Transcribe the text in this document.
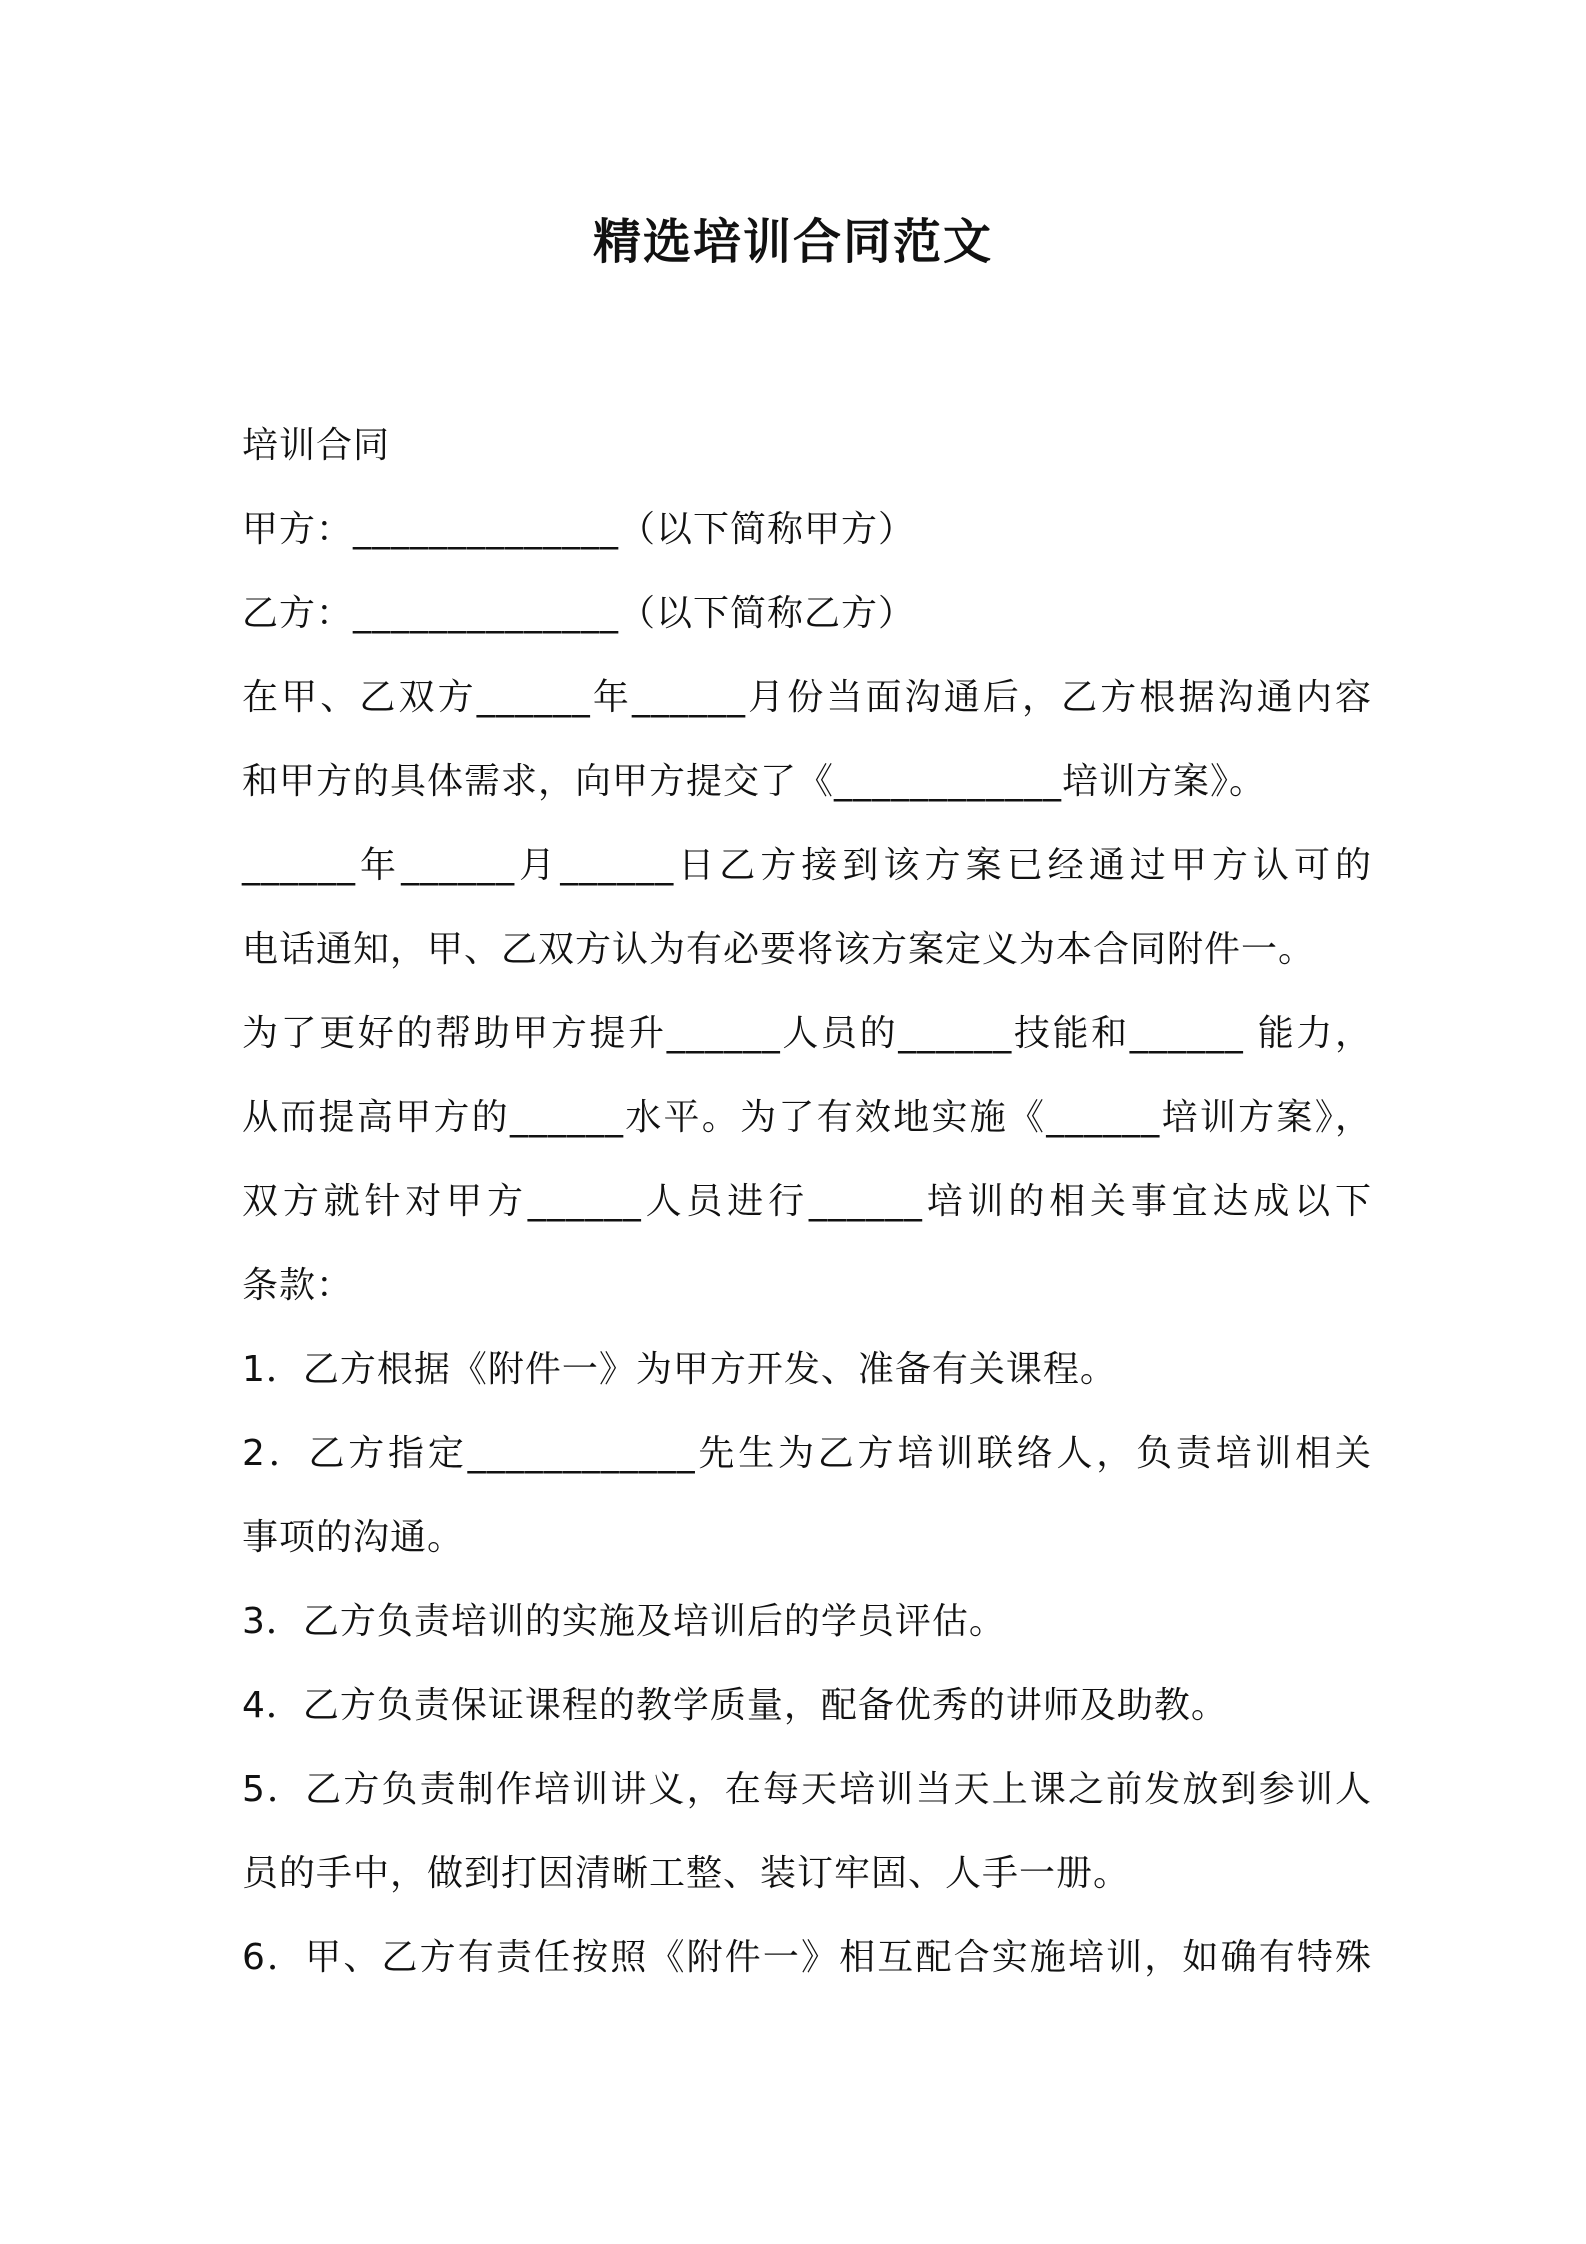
精选培训合同范文
培训合同
甲方：______________（以下简称甲方）
乙方：______________（以下简称乙方）
在甲、乙双方______年______月份当面沟通后，乙方根据沟通内容
和甲方的具体需求，向甲方提交了《____________培训方案》。
______年______月______日乙方接到该方案已经通过甲方认可的
电话通知，甲、乙双方认为有必要将该方案定义为本合同附件一。
为了更好的帮助甲方提升______人员的______技能和______ 能力，
从而提高甲方的______水平。为了有效地实施《______培训方案》，
双方就针对甲方______人员进行______培训的相关事宜达成以下
条款：
1．乙方根据《附件一》为甲方开发、准备有关课程。
2．乙方指定____________先生为乙方培训联络人，负责培训相关
事项的沟通。
3．乙方负责培训的实施及培训后的学员评估。
4．乙方负责保证课程的教学质量，配备优秀的讲师及助教。
5．乙方负责制作培训讲义，在每天培训当天上课之前发放到参训人
员的手中，做到打因清晰工整、装订牢固、人手一册。
6．甲、乙方有责任按照《附件一》相互配合实施培训，如确有特殊
